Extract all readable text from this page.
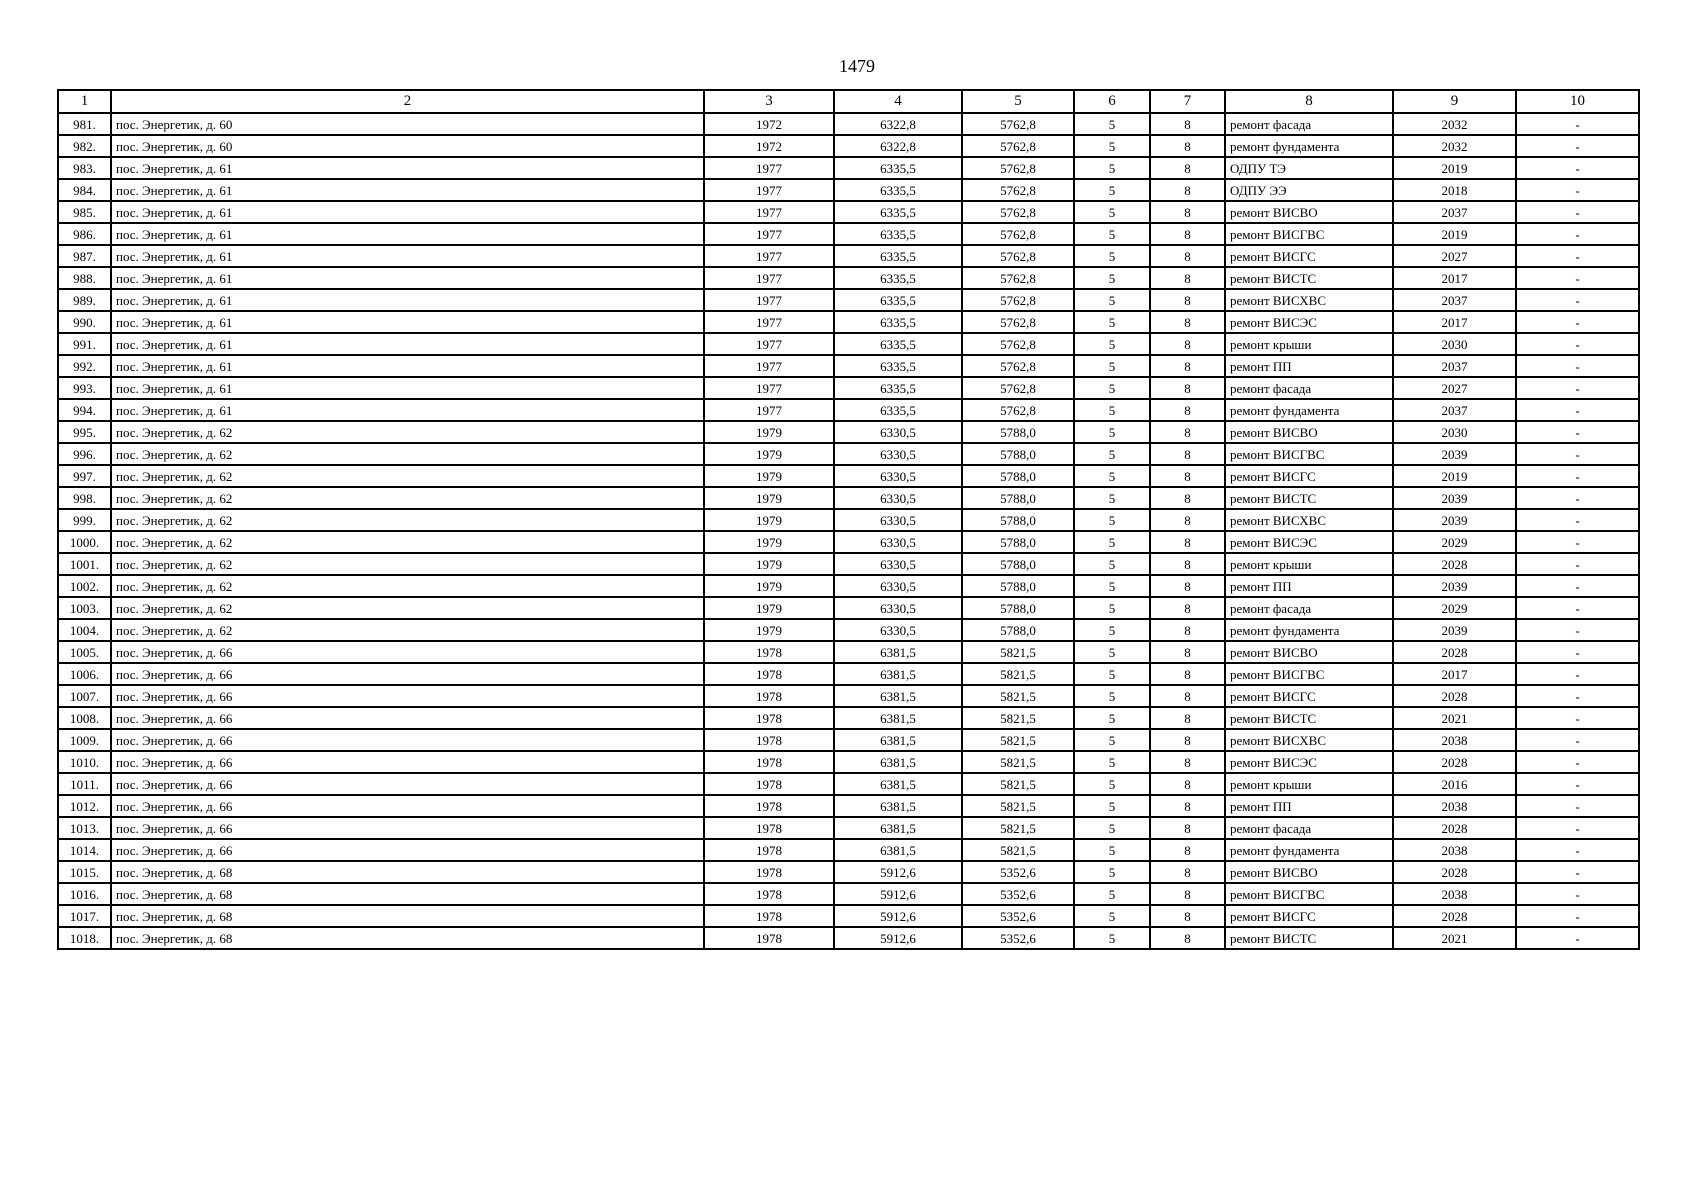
1479
1	2	3	4	5	6	7	8	9	10
981.	пос. Энергетик, д. 60	1972	6322,8	5762,8	5	8	ремонт фасада	2032	-
982.	пос. Энергетик, д. 60	1972	6322,8	5762,8	5	8	ремонт фундамента	2032	-
983.	пос. Энергетик, д. 61	1977	6335,5	5762,8	5	8	ОДПУ ТЭ	2019	-
984.	пос. Энергетик, д. 61	1977	6335,5	5762,8	5	8	ОДПУ ЭЭ	2018	-
985.	пос. Энергетик, д. 61	1977	6335,5	5762,8	5	8	ремонт ВИСВО	2037	-
986.	пос. Энергетик, д. 61	1977	6335,5	5762,8	5	8	ремонт ВИСГВС	2019	-
987.	пос. Энергетик, д. 61	1977	6335,5	5762,8	5	8	ремонт ВИСГС	2027	-
988.	пос. Энергетик, д. 61	1977	6335,5	5762,8	5	8	ремонт ВИСТС	2017	-
989.	пос. Энергетик, д. 61	1977	6335,5	5762,8	5	8	ремонт ВИСХВС	2037	-
990.	пос. Энергетик, д. 61	1977	6335,5	5762,8	5	8	ремонт ВИСЭС	2017	-
991.	пос. Энергетик, д. 61	1977	6335,5	5762,8	5	8	ремонт крыши	2030	-
992.	пос. Энергетик, д. 61	1977	6335,5	5762,8	5	8	ремонт ПП	2037	-
993.	пос. Энергетик, д. 61	1977	6335,5	5762,8	5	8	ремонт фасада	2027	-
994.	пос. Энергетик, д. 61	1977	6335,5	5762,8	5	8	ремонт фундамента	2037	-
995.	пос. Энергетик, д. 62	1979	6330,5	5788,0	5	8	ремонт ВИСВО	2030	-
996.	пос. Энергетик, д. 62	1979	6330,5	5788,0	5	8	ремонт ВИСГВС	2039	-
997.	пос. Энергетик, д. 62	1979	6330,5	5788,0	5	8	ремонт ВИСГС	2019	-
998.	пос. Энергетик, д. 62	1979	6330,5	5788,0	5	8	ремонт ВИСТС	2039	-
999.	пос. Энергетик, д. 62	1979	6330,5	5788,0	5	8	ремонт ВИСХВС	2039	-
1000.	пос. Энергетик, д. 62	1979	6330,5	5788,0	5	8	ремонт ВИСЭС	2029	-
1001.	пос. Энергетик, д. 62	1979	6330,5	5788,0	5	8	ремонт крыши	2028	-
1002.	пос. Энергетик, д. 62	1979	6330,5	5788,0	5	8	ремонт ПП	2039	-
1003.	пос. Энергетик, д. 62	1979	6330,5	5788,0	5	8	ремонт фасада	2029	-
1004.	пос. Энергетик, д. 62	1979	6330,5	5788,0	5	8	ремонт фундамента	2039	-
1005.	пос. Энергетик, д. 66	1978	6381,5	5821,5	5	8	ремонт ВИСВО	2028	-
1006.	пос. Энергетик, д. 66	1978	6381,5	5821,5	5	8	ремонт ВИСГВС	2017	-
1007.	пос. Энергетик, д. 66	1978	6381,5	5821,5	5	8	ремонт ВИСГС	2028	-
1008.	пос. Энергетик, д. 66	1978	6381,5	5821,5	5	8	ремонт ВИСТС	2021	-
1009.	пос. Энергетик, д. 66	1978	6381,5	5821,5	5	8	ремонт ВИСХВС	2038	-
1010.	пос. Энергетик, д. 66	1978	6381,5	5821,5	5	8	ремонт ВИСЭС	2028	-
1011.	пос. Энергетик, д. 66	1978	6381,5	5821,5	5	8	ремонт крыши	2016	-
1012.	пос. Энергетик, д. 66	1978	6381,5	5821,5	5	8	ремонт ПП	2038	-
1013.	пос. Энергетик, д. 66	1978	6381,5	5821,5	5	8	ремонт фасада	2028	-
1014.	пос. Энергетик, д. 66	1978	6381,5	5821,5	5	8	ремонт фундамента	2038	-
1015.	пос. Энергетик, д. 68	1978	5912,6	5352,6	5	8	ремонт ВИСВО	2028	-
1016.	пос. Энергетик, д. 68	1978	5912,6	5352,6	5	8	ремонт ВИСГВС	2038	-
1017.	пос. Энергетик, д. 68	1978	5912,6	5352,6	5	8	ремонт ВИСГС	2028	-
1018.	пос. Энергетик, д. 68	1978	5912,6	5352,6	5	8	ремонт ВИСТС	2021	-
